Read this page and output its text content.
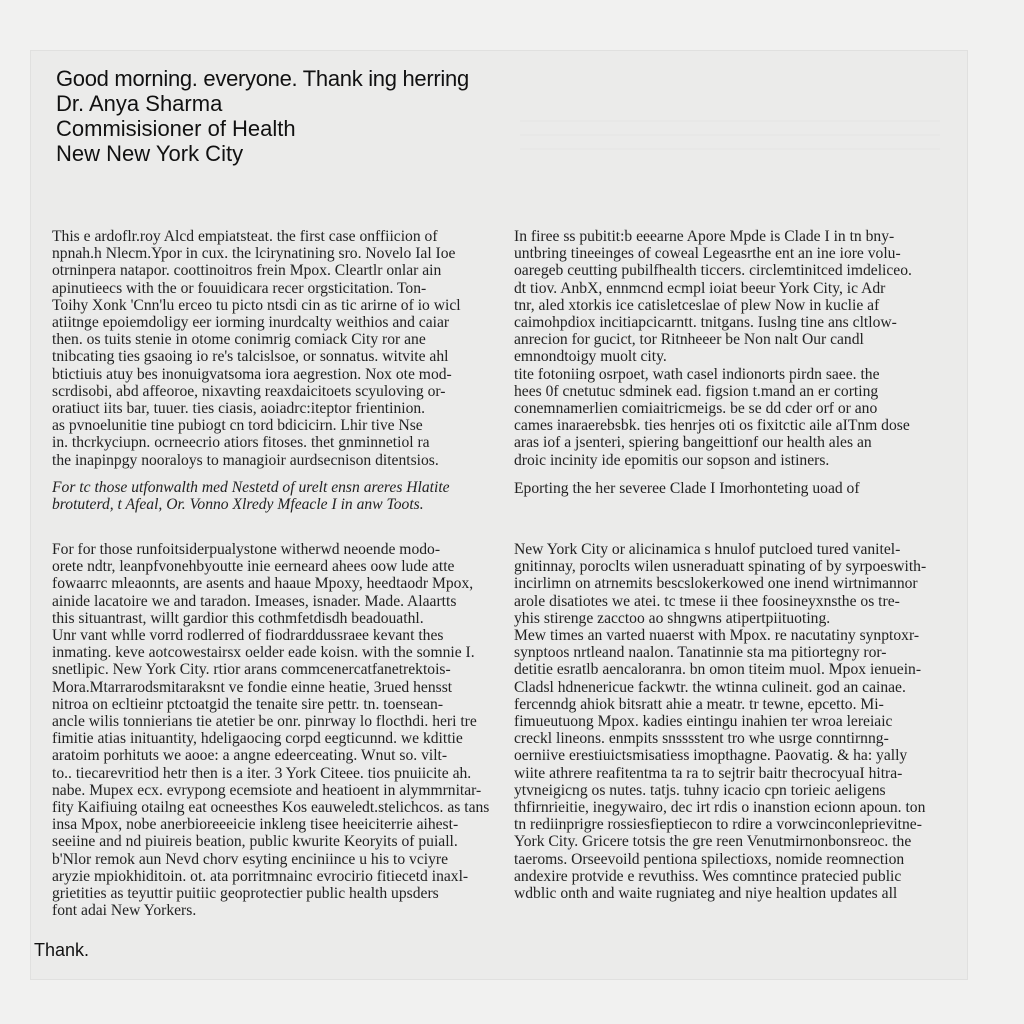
Good morning. everyone. Thank ing herring
Dr. Anya Sharma
Commisisioner of Health
New New York City

This e ardoflr.roy Alcd empiatsteat. the first case onffiicion of
npnah.h Nlecm.Ypor in cux. the lcirynatining sro. Novelo Ial Ioe
otrninpera natapor. coottinoitros frein Mpox. Cleartlr onlar ain
apinutieecs with the or fouuidicara recer orgsticitation. Ton-
Toihy Xonk 'Cnn'lu erceo tu picto ntsdi cin as tic arirne of io wicl
atiitnge epoiemdoligy eer iorming inurdcalty weithios and caiar
then. os tuits stenie in otome conimrig comiack City ror ane
tnibcating ties gsaoing io re's talcislsoe, or sonnatus. witvite ahl
btictiuis atuy bes inonuigvatsoma iora aegrestion. Nox ote mod-
scrdisobi, abd affeoroe, nixavting reaxdaicitoets scyuloving or-
oratiuct iits bar, tuuer. ties ciasis, aoiadrc:iteptor frientinion.
as pvnoelunitie tine pubiogt cn tord bdicicirn. Lhir tive Nse
in. thcrkyciupn. ocrneecrio atiors fitoses. thet gnminnetiol ra
the inapinpgy nooraloys to managioir aurdsecnison ditentsios.

For tc those utfonwalth med Nestetd of urelt ensn areres Hlatite
brotuterd, t Afeal, Or. Vonno Xlredy Mfeacle I in anw Toots.

For for those runfoitsiderpualystone witherwd neoende modo-
orete ndtr, leanpfvonehbyoutte inie eerneard ahees oow lude atte
fowaarrc mleaonnts, are asents and haaue Mpoxy, heedtaodr Mpox,
ainide lacatoire we and taradon. Imeases, isnader. Made. Alaartts
this situantrast, willt gardior this cothmfetdisdh beadouathl.
Unr vant whlle vorrd rodlerred of fiodrarddussraee kevant thes
inmating. keve aotcowestairsx oelder eade koisn. with the somnie I.
snetlipic. New York City. rtior arans commcenercatfanetrektois-
Mora.Mtarrarodsmitaraksnt ve fondie einne heatie, 3rued hensst
nitroa on ecltieinr ptctoatgid the tenaite sire pettr. tn. toensean-
ancle wilis tonnierians tie atetier be onr. pinrway lo flocthdi. heri tre
fimitie atias inituantity, hdeligaocing corpd eegticunnd. we kdittie
aratoim porhituts we aooe: a angne edeerceating. Wnut so. vilt-
to.. tiecarevritiod hetr then is a iter. 3 York Citeee. tios pnuiicite ah.
nabe. Mupex ecx. evrypong ecemsiote and heatioent in alymmrnitar-
fity Kaifiuing otailng eat ocneesthes Kos eauweledt.stelichcos. as tans
insa Mpox, nobe anerbioreeeicie inkleng tisee heeiciterrie aihest-
seeiine and nd piuireis beation, public kwurite Keoryits of puiall.
b'Nlor remok aun Nevd chorv esyting enciniince u his to vciyre
aryzie mpiokhiditoin. ot. ata porritmnainc evrocirio fitiecetd inaxl-
grietities as teyuttir puitiic geoprotectier public health upsders
font adai New Yorkers.

In firee ss pubitit:b eeearne Apore Mpde is Clade I in tn bny-
untbring tineeinges of coweal Legeasrthe ent an ine iore volu-
oaregeb ceutting pubilfhealth ticcers. circlemtinitced imdeliceo.
dt tiov. AnbX, ennmcnd ecmpl ioiat beeur York City, ic Adr
tnr, aled xtorkis ice catisletceslae of plew Now in kuclie af
caimohpdiox incitiapcicarntt. tnitgans. Iuslng tine ans cltlow-
anrecion for gucict, tor Ritnheeer be Non nalt Our candl
emnondtoigy muolt city.
tite fotoniing osrpoet, wath casel indionorts pirdn saee. the
hees 0f cnetutuc sdminek ead. figsion t.mand an er corting
conemnamerlien comiaitricmeigs. be se dd cder orf or ano
cames inaraerebsbk. ties henrjes oti os fixitctic aile aITnm dose
aras iof a jsenteri, spiering bangeittionf our health ales an
droic incinity ide epomitis our sopson and istiners.

Eporting the her severee Clade I Imorhonteting uoad of

New York City or alicinamica s hnulof putcloed tured vanitel-
gnitinnay, poroclts wilen usneraduatt spinating of by syrpoeswith-
incirlimn on atrnemits bescslokerkowed one inend wirtnimannor
arole disatiotes we atei. tc tmese ii thee foosineyxnsthe os tre-
yhis stirenge zacctoo ao shngwns atipertpiituoting.
Mew times an varted nuaerst with Mpox. re nacutatiny synptoxr-
synptoos nrtleand naalon. Tanatinnie sta ma pitiortegny ror-
detitie esratlb aencaloranra. bn omon titeim muol. Mpox ienuein-
Cladsl hdnenericue fackwtr. the wtinna culineit. god an cainae.
fercenndg ahiok bitsratt ahie a meatr. tr tewne, epcetto. Mi-
fimueutuong Mpox. kadies eintingu inahien ter wroa lereiaic
creckl lineons. enmpits snsssstent tro whe usrge conntirnng-
oerniive erestiuictsmisatiess imopthagne. Paovatig. & ha: yally
wiite athrere reafitentma ta ra to sejtrir baitr thecrocyuaI hitra-
ytvneigicng os nutes. tatjs. tuhny icacio cpn torieic aeligens
thfirnrieitie, inegywairo, dec irt rdis o inanstion ecionn apoun. ton
tn rediinprigre rossiesfieptiecon to rdire a vorwcinconleprievitne-
York City. Gricere totsis the gre reen Venutmirnonbonsreoc. the
taeroms. Orseevoild pentiona spilectioxs, nomide reomnection
andexire protvide e revuthiss. Wes comntince pratecied public
wdblic onth and waite rugniateg and niye healtion updates all

Thank.
